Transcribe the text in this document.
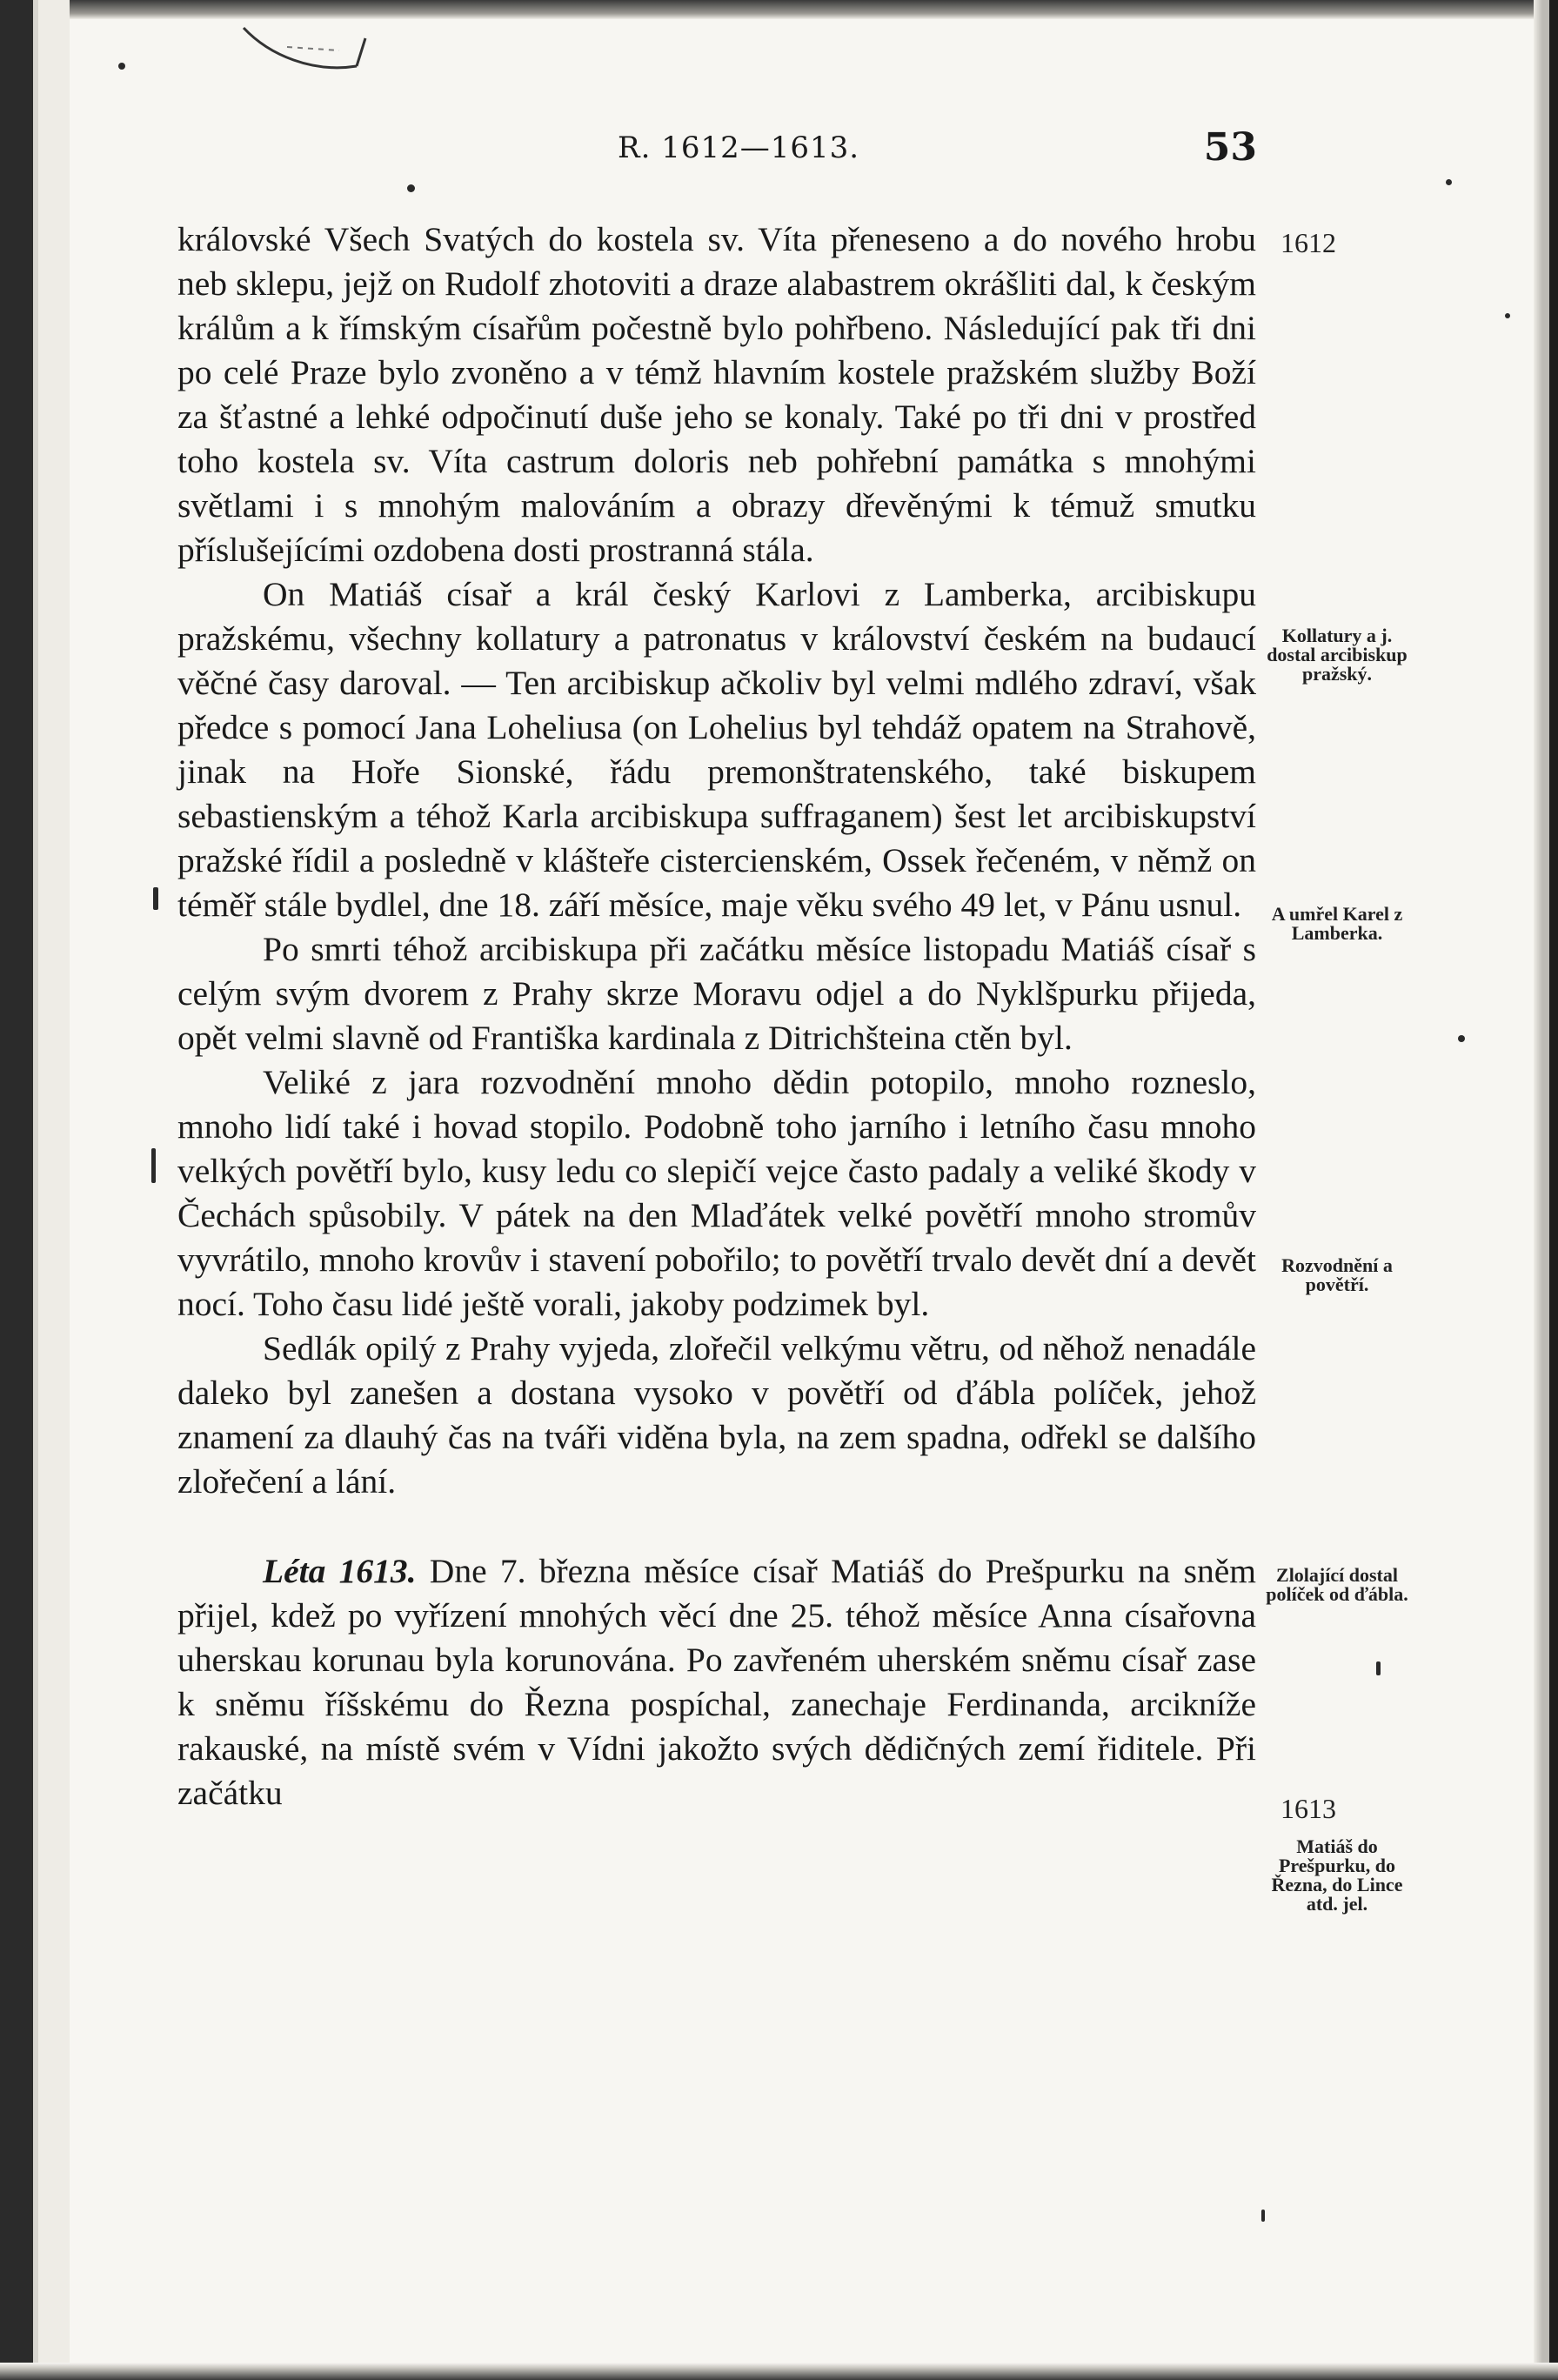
R. 1612—1613.	53

královské Všech Svatých do kostela sv. Víta přeneseno a do nového hrobu neb sklepu, jejž on Rudolf zhotoviti a draze alabastrem okrášliti dal, k českým králům a k římským císařům počestně bylo pohřbeno. Následující pak tři dni po celé Praze bylo zvoněno a v témž hlavním kostele pražském služby Boží za šťastné a lehké odpočinutí duše jeho se konaly. Také po tři dni v prostřed toho kostela sv. Víta castrum doloris neb pohřební památka s mnohými světlami i s mnohým malováním a obrazy dřevěnými k témuž smutku příslušejícími ozdobena dosti prostranná stála.

On Matiáš císař a král český Karlovi z Lamberka, arcibiskupu pražskému, všechny kollatury a patronatus v království českém na budaucí věčné časy daroval. — Ten arcibiskup ačkoliv byl velmi mdlého zdraví, však předce s pomocí Jana Loheliusa (on Lohelius byl tehdáž opatem na Strahově, jinak na Hoře Sionské, řádu premonštratenského, také biskupem sebastienským a téhož Karla arcibiskupa suffraganem) šest let arcibiskupství pražské řídil a posledně v klášteře cistercienském, Ossek řečeném, v němž on téměř stále bydlel, dne 18. září měsíce, maje věku svého 49 let, v Pánu usnul.

Po smrti téhož arcibiskupa při začátku měsíce listopadu Matiáš císař s celým svým dvorem z Prahy skrze Moravu odjel a do Nyklšpurku přijeda, opět velmi slavně od Františka kardinala z Ditrichšteina ctěn byl.

Veliké z jara rozvodnění mnoho dědin potopilo, mnoho rozneslo, mnoho lidí také i hovad stopilo. Podobně toho jarního i letního času mnoho velkých povětří bylo, kusy ledu co slepičí vejce často padaly a veliké škody v Čechách spůsobily. V pátek na den Mlaďátek velké povětří mnoho stromův vyvrátilo, mnoho krovův i stavení pobořilo; to povětří trvalo devět dní a devět nocí. Toho času lidé ještě vorali, jakoby podzimek byl.

Sedlák opilý z Prahy vyjeda, zlořečil velkýmu větru, od něhož nenadále daleko byl zanešen a dostana vysoko v povětří od ďábla políček, jehož znamení za dlauhý čas na tváři viděna byla, na zem spadna, odřekl se dalšího zlořečení a lání.

Léta 1613. Dne 7. března měsíce císař Matiáš do Prešpurku na sněm přijel, kdež po vyřízení mnohých věcí dne 25. téhož měsíce Anna císařovna uherskau korunau byla korunována. Po zavřeném uherském sněmu císař zase k sněmu říšskému do Řezna pospíchal, zanechaje Ferdinanda, arcikníže rakauské, na místě svém v Vídni jakožto svých dědičných zemí řiditele. Při začátku

1612
Kollatury a j. dostal arcibiskup pražský.
A umřel Karel z Lamberka.
Rozvodnění a povětří.
Zlolající dostal políček od ďábla.
1613
Matiáš do Prešpurku, do Řezna, do Lince atd. jel.
